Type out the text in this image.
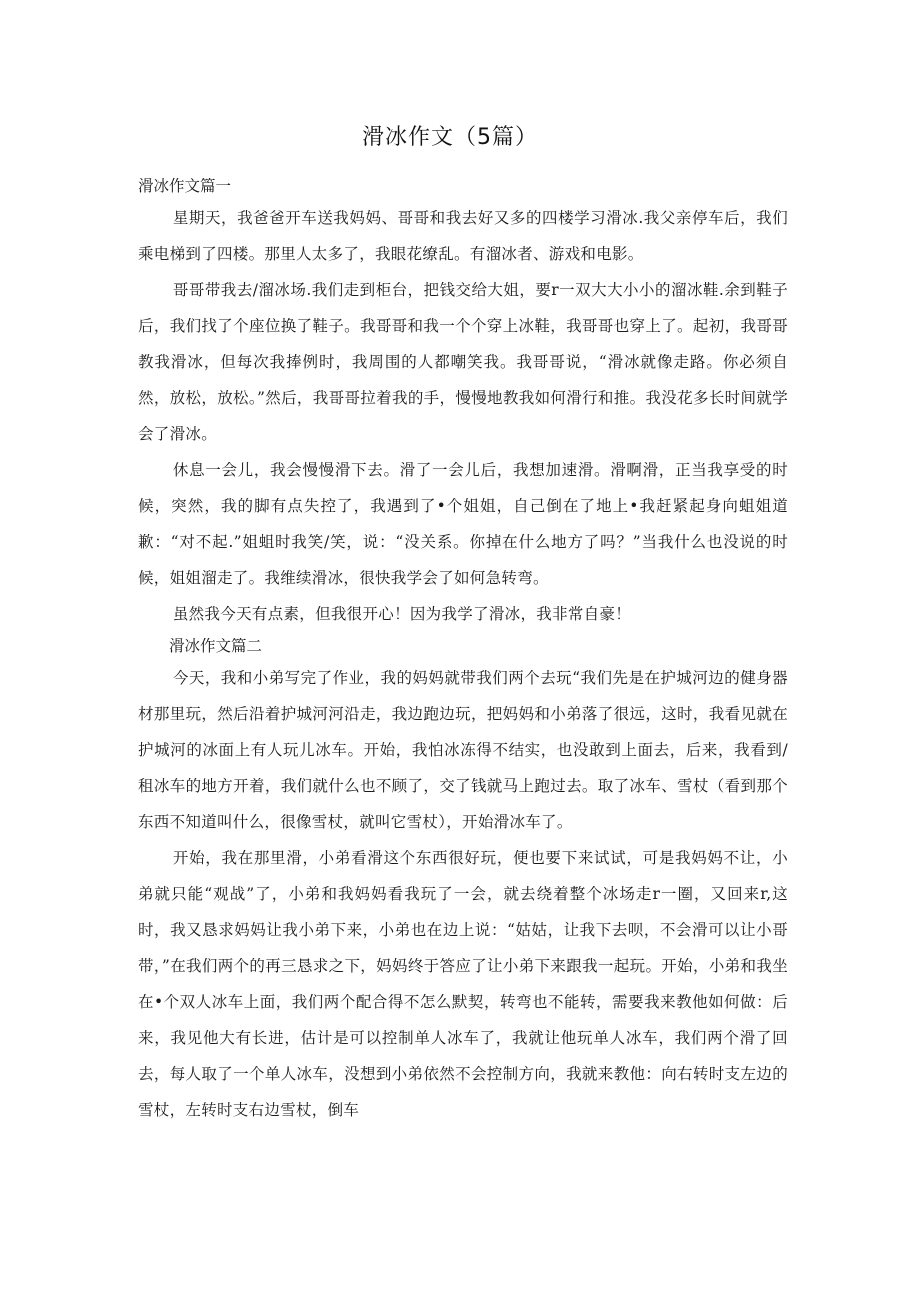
滑冰作文（5篇）
滑冰作文篇一

星期天，我爸爸开车送我妈妈、哥哥和我去好又多的四楼学习滑冰.我父亲停车后，我们乘电梯到了四楼。那里人太多了，我眼花缭乱。有溜冰者、游戏和电影。

哥哥带我去/溜冰场.我们走到柜台，把钱交给大姐，要r一双大大小小的溜冰鞋.余到鞋子后，我们找了个座位换了鞋子。我哥哥和我一个个穿上冰鞋，我哥哥也穿上了。起初，我哥哥教我滑冰，但每次我捧例时，我周围的人都嘲笑我。我哥哥说，“滑冰就像走路。你必须自然，放松，放松。”然后，我哥哥拉着我的手，慢慢地教我如何滑行和推。我没花多长时间就学会了滑冰。

休息一会儿，我会慢慢滑下去。滑了一会儿后，我想加速滑。滑啊滑，正当我享受的时候，突然，我的脚有点失控了，我遇到了•个姐姐，自己倒在了地上•我赶紧起身向蛆姐道歉：“对不起.”姐蛆时我笑/笑，说：“没关系。你掉在什么地方了吗？”当我什么也没说的时候，姐姐溜走了。我维续滑冰，很快我学会了如何急转弯。

虽然我今天有点素，但我很开心！因为我学了滑冰，我非常自豪！

滑冰作文篇二

今天，我和小弟写完了作业，我的妈妈就带我们两个去玩“我们先是在护城河边的健身器材那里玩，然后沿着护城河河沿走，我边跑边玩，把妈妈和小弟落了很远，这时，我看见就在护城河的冰面上有人玩儿冰车。开始，我怕冰冻得不结实，也没敢到上面去，后来，我看到/租冰车的地方开着，我们就什么也不顾了，交了钱就马上跑过去。取了冰车、雪杖（看到那个东西不知道叫什么，很像雪杖，就叫它雪杖），开始滑冰车了。

开始，我在那里滑，小弟看滑这个东西很好玩，便也要下来试试，可是我妈妈不让，小弟就只能“观战”了，小弟和我妈妈看我玩了一会，就去绕着整个冰场走r一圈，又回来r,这时，我又恳求妈妈让我小弟下来，小弟也在边上说：“姑姑，让我下去呗，不会滑可以让小哥带，”在我们两个的再三恳求之下，妈妈终于答应了让小弟下来跟我一起玩。开始，小弟和我坐在•个双人冰车上面，我们两个配合得不怎么默契，转弯也不能转，需要我来教他如何做：后来，我见他大有长进，估计是可以控制单人冰车了，我就让他玩单人冰车，我们两个滑了回去，每人取了一个单人冰车，没想到小弟依然不会控制方向，我就来教他：向右转时支左边的雪杖，左转时支右边雪杖，倒车
